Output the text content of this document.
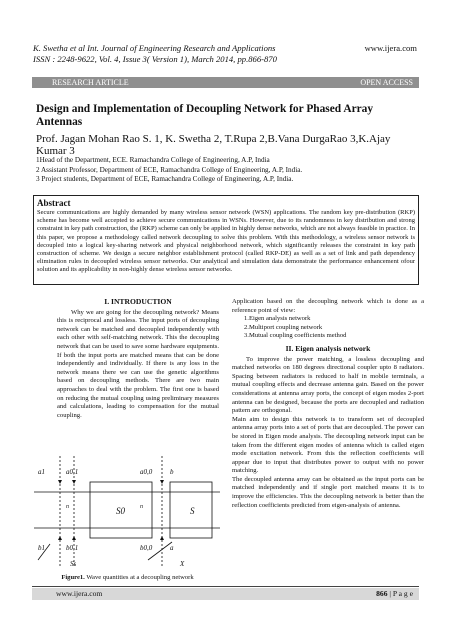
K. Swetha et al Int. Journal of Engineering Research and Applications
ISSN : 2248-9622, Vol. 4, Issue 3( Version 1), March 2014, pp.866-870
www.ijera.com
RESEARCH ARTICLE	OPEN ACCESS
Design and Implementation of Decoupling Network for Phased Array Antennas
Prof. Jagan Mohan Rao S. 1, K. Swetha 2, T.Rupa 2,B.Vana DurgaRao 3,K.Ajay Kumar 3
1Head of the Department, ECE. Ramachandra College of Engineering, A.P, India
2 Assistant Professor, Department of ECE, Ramachandra College of Engineering, A.P, India.
3 Project students, Department of ECE, Ramachandra College of Engineering, A.P, India.
Abstract
Secure communications are highly demanded by many wireless sensor network (WSN) applications. The random key pre-distribution (RKP) scheme has become well accepted to achieve secure communications in WSNs. However, due to its randomness in key distribution and strong constraint in key path construction, the (RKP) scheme can only be applied in highly dense networks, which are not always feasible in practice. In this paper, we propose a methodology called network decoupling to solve this problem. With this methodology, a wireless sensor network is decoupled into a logical key-sharing network and physical neighborhood network, which significantly releases the constraint in key path construction of scheme. We design a secure neighbor establishment protocol (called RKP-DE) as well as a set of link and path dependency elimination rules in decoupled wireless sensor networks. Our analytical and simulation data demonstrate the performance enhancement ofour solution and its applicability in non-highly dense wireless sensor networks.
I. INTRODUCTION
Why we are going for the decoupling network? Means this is reciprocal and lossless. The input ports of decoupling network can be matched and decoupled independently with each other with self-matching network. This the decoupling network that can be used to save some hardware equipments. If both the input ports are matched means that can be done independently and individually. If there is any loss in the network means there we can use the genetic algorithms based on decoupling methods. There are two main approaches to deal with the problem. The first one is based on reducing the mutual coupling using preliminary measures and calculations, leading to compensation for the mutual coupling.
Application based on the decoupling network which is done as a reference point of view:
1.Eigen analysis network
2.Multiport coupling network
3.Mutual coupling coefficients method
II. Eigen analysis network
To improve the power matching, a lossless decoupling and matched networks on 180 degrees directional coupler upto 8 radiators. Spacing between radiators is reduced to half in mobile terminals, a mutual coupling effects and decrease antenna gain. Based on the power considerations at antenna array ports, the concept of eigen modes 2-port antenna can be designed, because the ports are decoupled and radiation pattern are orthogonal.
Main aim to design this network is to transform set of decoupled antenna array ports into a set of ports that are decoupled. The power can be stored in Eigen mode analysis. The decoupling network input can be taken from the different eigen modes of antenna which is called eigen mode excitation network. From this the reflection coefficients will appear due to input that distributes power to output with no power matching.
The decoupled antenna array can be obtained as the input ports can be matched independently and if single port matched means it is to improve the efficiencies. This the decoupling network is better than the reflection coefficients predicted from eigen-analysis of antenna.
a1	a0,1	a0,0	b
b1	b0,1	b0,0	a
S0	S
Ss	X
n	n
Figure1. Wave quantities at a decoupling network
www.ijera.com	866 | P a g e
